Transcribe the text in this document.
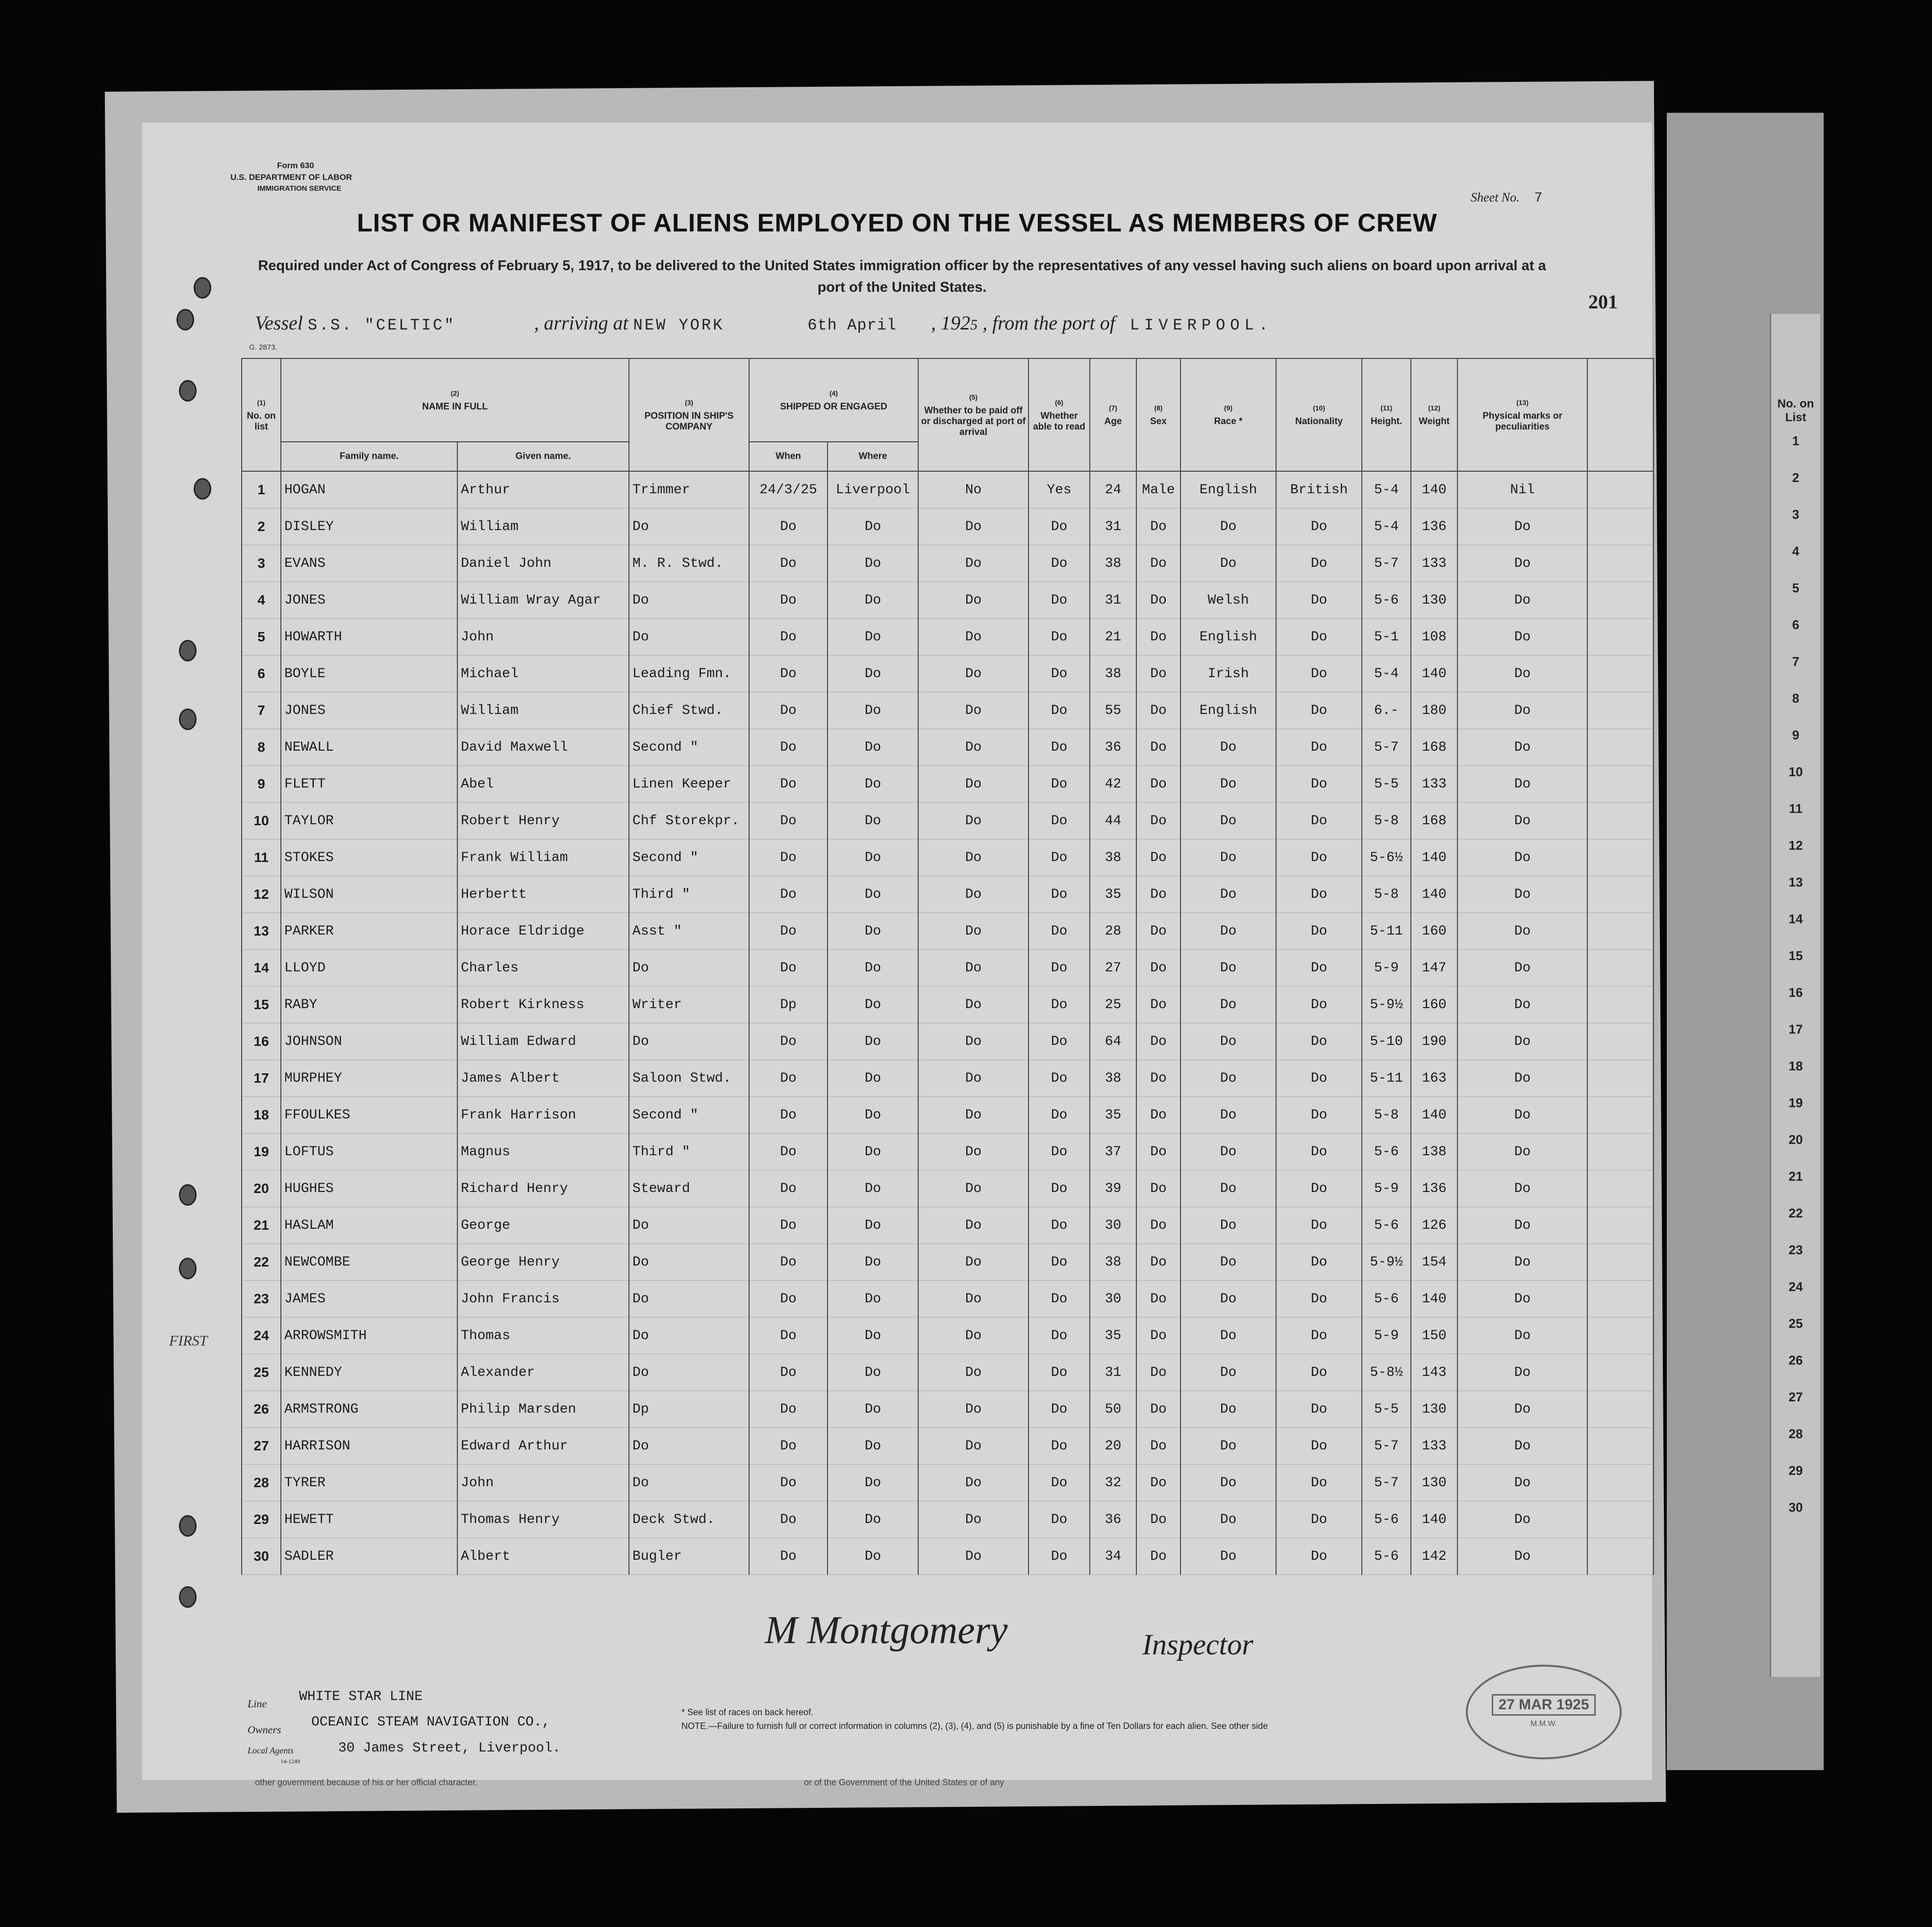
No. on List
1
2
3
4
5
6
7
8
9
10
11
12
13
14
15
16
17
18
19
20
21
22
23
24
25
26
27
28
29
30
Form 630
U.S. DEPARTMENT OF LABOR
IMMIGRATION SERVICE
Sheet No. 7
LIST OR MANIFEST OF ALIENS EMPLOYED ON THE VESSEL AS MEMBERS OF CREW
Required under Act of Congress of February 5, 1917, to be delivered to the United States immigration officer by the representatives of any vessel having such aliens on board upon arrival at a port of the United States.
201
Vessel S.S. "CELTIC"	, arriving at NEW YORK	6th April , 1925 , from the port of LIVERPOOL.
G. 2873.
(1)
No. on list	(2)
NAME IN FULL		(3)
POSITION IN SHIP'S COMPANY	(4)
SHIPPED OR ENGAGED		(5)
Whether to be paid off or discharged at port of arrival	(6)
Whether able to read	(7)
Age	(8)
Sex	(9)
Race *	(10)
Nationality	(11)
Height.	(12)
Weight	(13)
Physical marks or peculiarities	
	Family name.	Given name.		When	Where										
1	HOGAN	Arthur	Trimmer	24/3/25	Liverpool	No	Yes	24	Male	English	British	5-4	140	Nil	
2	DISLEY	William	Do	Do	Do	Do	Do	31	Do	Do	Do	5-4	136	Do	
3	EVANS	Daniel John	M. R. Stwd.	Do	Do	Do	Do	38	Do	Do	Do	5-7	133	Do	
4	JONES	William Wray Agar	Do	Do	Do	Do	Do	31	Do	Welsh	Do	5-6	130	Do	
5	HOWARTH	John	Do	Do	Do	Do	Do	21	Do	English	Do	5-1	108	Do	
6	BOYLE	Michael	Leading Fmn.	Do	Do	Do	Do	38	Do	Irish	Do	5-4	140	Do	
7	JONES	William	Chief Stwd.	Do	Do	Do	Do	55	Do	English	Do	6.-	180	Do	
8	NEWALL	David Maxwell	Second "	Do	Do	Do	Do	36	Do	Do	Do	5-7	168	Do	
9	FLETT	Abel	Linen Keeper	Do	Do	Do	Do	42	Do	Do	Do	5-5	133	Do	
10	TAYLOR	Robert Henry	Chf Storekpr.	Do	Do	Do	Do	44	Do	Do	Do	5-8	168	Do	
11	STOKES	Frank William	Second "	Do	Do	Do	Do	38	Do	Do	Do	5-6½	140	Do	
12	WILSON	Herbertt	Third "	Do	Do	Do	Do	35	Do	Do	Do	5-8	140	Do	
13	PARKER	Horace Eldridge	Asst "	Do	Do	Do	Do	28	Do	Do	Do	5-11	160	Do	
14	LLOYD	Charles	Do	Do	Do	Do	Do	27	Do	Do	Do	5-9	147	Do	
15	RABY	Robert Kirkness	Writer	Dp	Do	Do	Do	25	Do	Do	Do	5-9½	160	Do	
16	JOHNSON	William Edward	Do	Do	Do	Do	Do	64	Do	Do	Do	5-10	190	Do	
17	MURPHEY	James Albert	Saloon Stwd.	Do	Do	Do	Do	38	Do	Do	Do	5-11	163	Do	
18	FFOULKES	Frank Harrison	Second "	Do	Do	Do	Do	35	Do	Do	Do	5-8	140	Do	
19	LOFTUS	Magnus	Third "	Do	Do	Do	Do	37	Do	Do	Do	5-6	138	Do	
20	HUGHES	Richard Henry	Steward	Do	Do	Do	Do	39	Do	Do	Do	5-9	136	Do	
21	HASLAM	George	Do	Do	Do	Do	Do	30	Do	Do	Do	5-6	126	Do	
22	NEWCOMBE	George Henry	Do	Do	Do	Do	Do	38	Do	Do	Do	5-9½	154	Do	
23	JAMES	John Francis	Do	Do	Do	Do	Do	30	Do	Do	Do	5-6	140	Do	
24	ARROWSMITH	Thomas	Do	Do	Do	Do	Do	35	Do	Do	Do	5-9	150	Do	
25	KENNEDY	Alexander	Do	Do	Do	Do	Do	31	Do	Do	Do	5-8½	143	Do	
26	ARMSTRONG	Philip Marsden	Dp	Do	Do	Do	Do	50	Do	Do	Do	5-5	130	Do	
27	HARRISON	Edward Arthur	Do	Do	Do	Do	Do	20	Do	Do	Do	5-7	133	Do	
28	TYRER	John	Do	Do	Do	Do	Do	32	Do	Do	Do	5-7	130	Do	
29	HEWETT	Thomas Henry	Deck Stwd.	Do	Do	Do	Do	36	Do	Do	Do	5-6	140	Do	
30	SADLER	Albert	Bugler	Do	Do	Do	Do	34	Do	Do	Do	5-6	142	Do	
FIRST
M Montgomery	Inspector
Line WHITE STAR LINE
Owners OCEANIC STEAM NAVIGATION CO.,
Local Agents
14-1249
30 James Street, Liverpool.
* See list of races on back hereof.
NOTE.—Failure to furnish full or correct information in columns (2), (3), (4), and (5) is punishable by a fine of Ten Dollars for each alien. See other side
other government because of his or her official character.	or of the Government of the United States or of any
27 MAR 1925
M.M.W.
